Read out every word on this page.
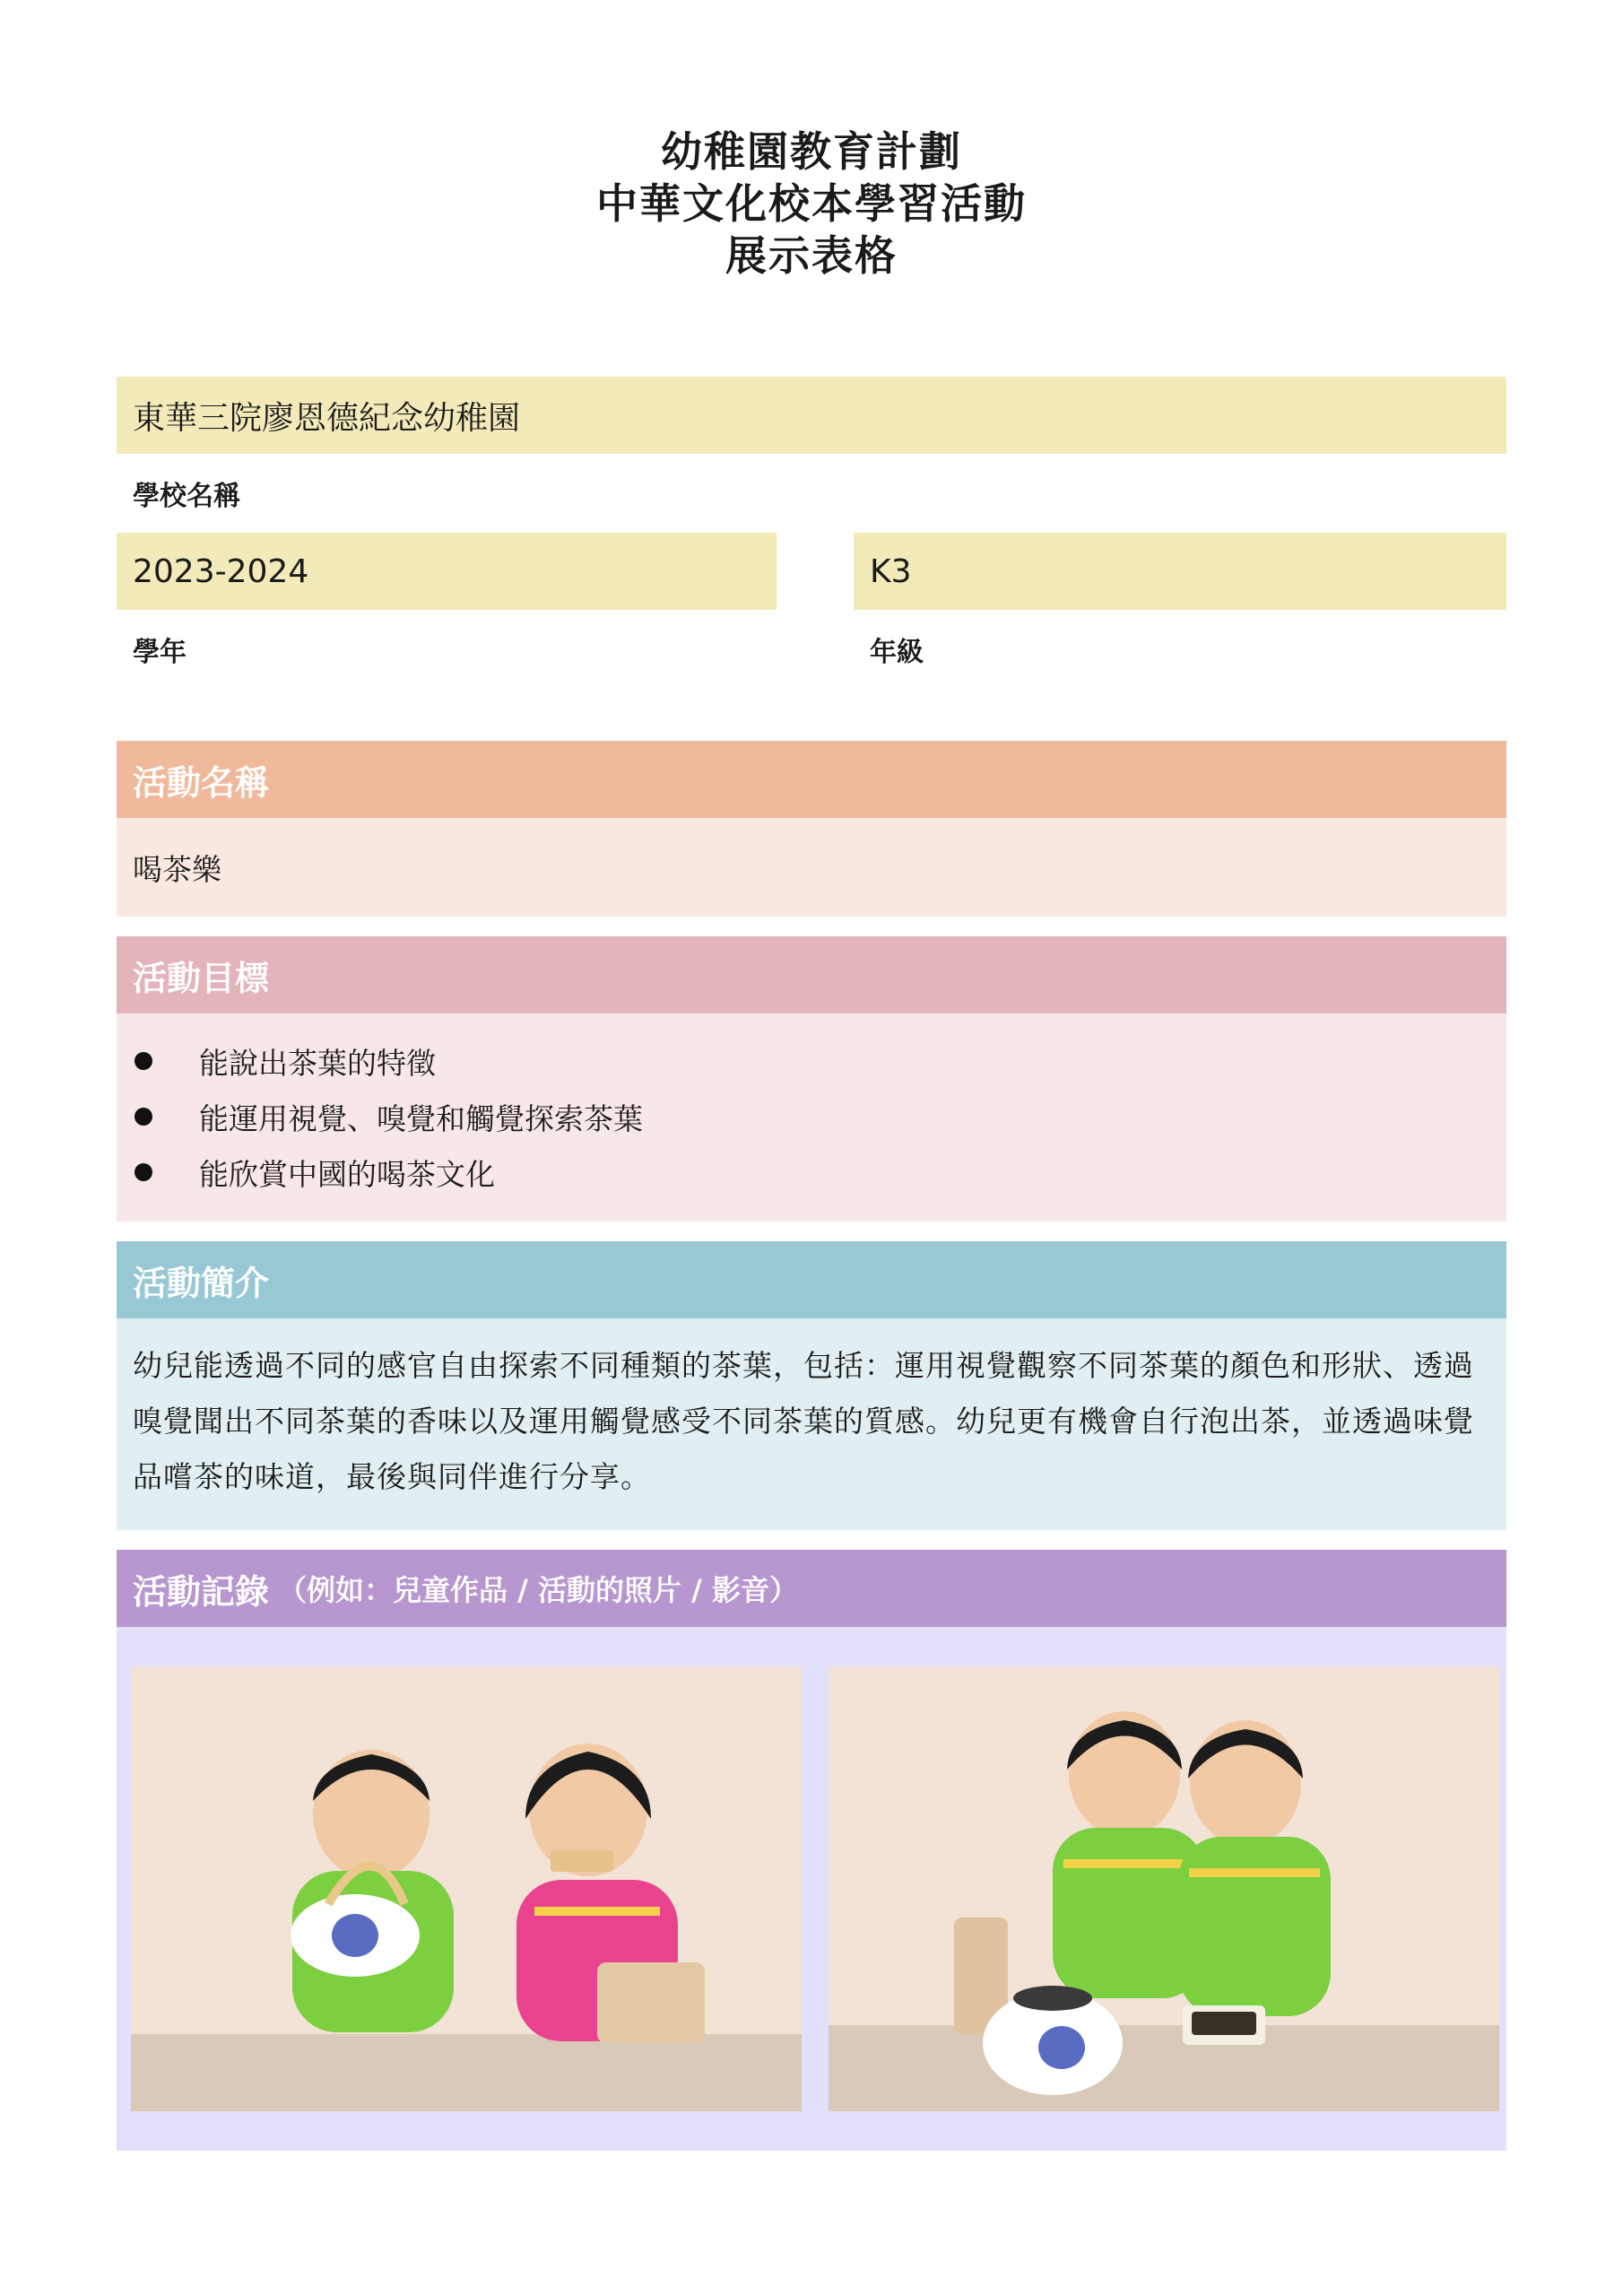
幼稚園教育計劃
中華文化校本學習活動
展示表格
東華三院廖恩德紀念幼稚園
學校名稱
2023-2024
學年
K3
年級
活動名稱
喝茶樂
活動目標
能說出茶葉的特徵
能運用視覺、嗅覺和觸覺探索茶葉
能欣賞中國的喝茶文化
活動簡介
幼兒能透過不同的感官自由探索不同種類的茶葉，包括：運用視覺觀察不同茶葉的顏色和形狀、透過嗅覺聞出不同茶葉的香味以及運用觸覺感受不同茶葉的質感。幼兒更有機會自行泡出茶，並透過味覺品嚐茶的味道，最後與同伴進行分享。
活動記錄 （例如：兒童作品 / 活動的照片 / 影音）
